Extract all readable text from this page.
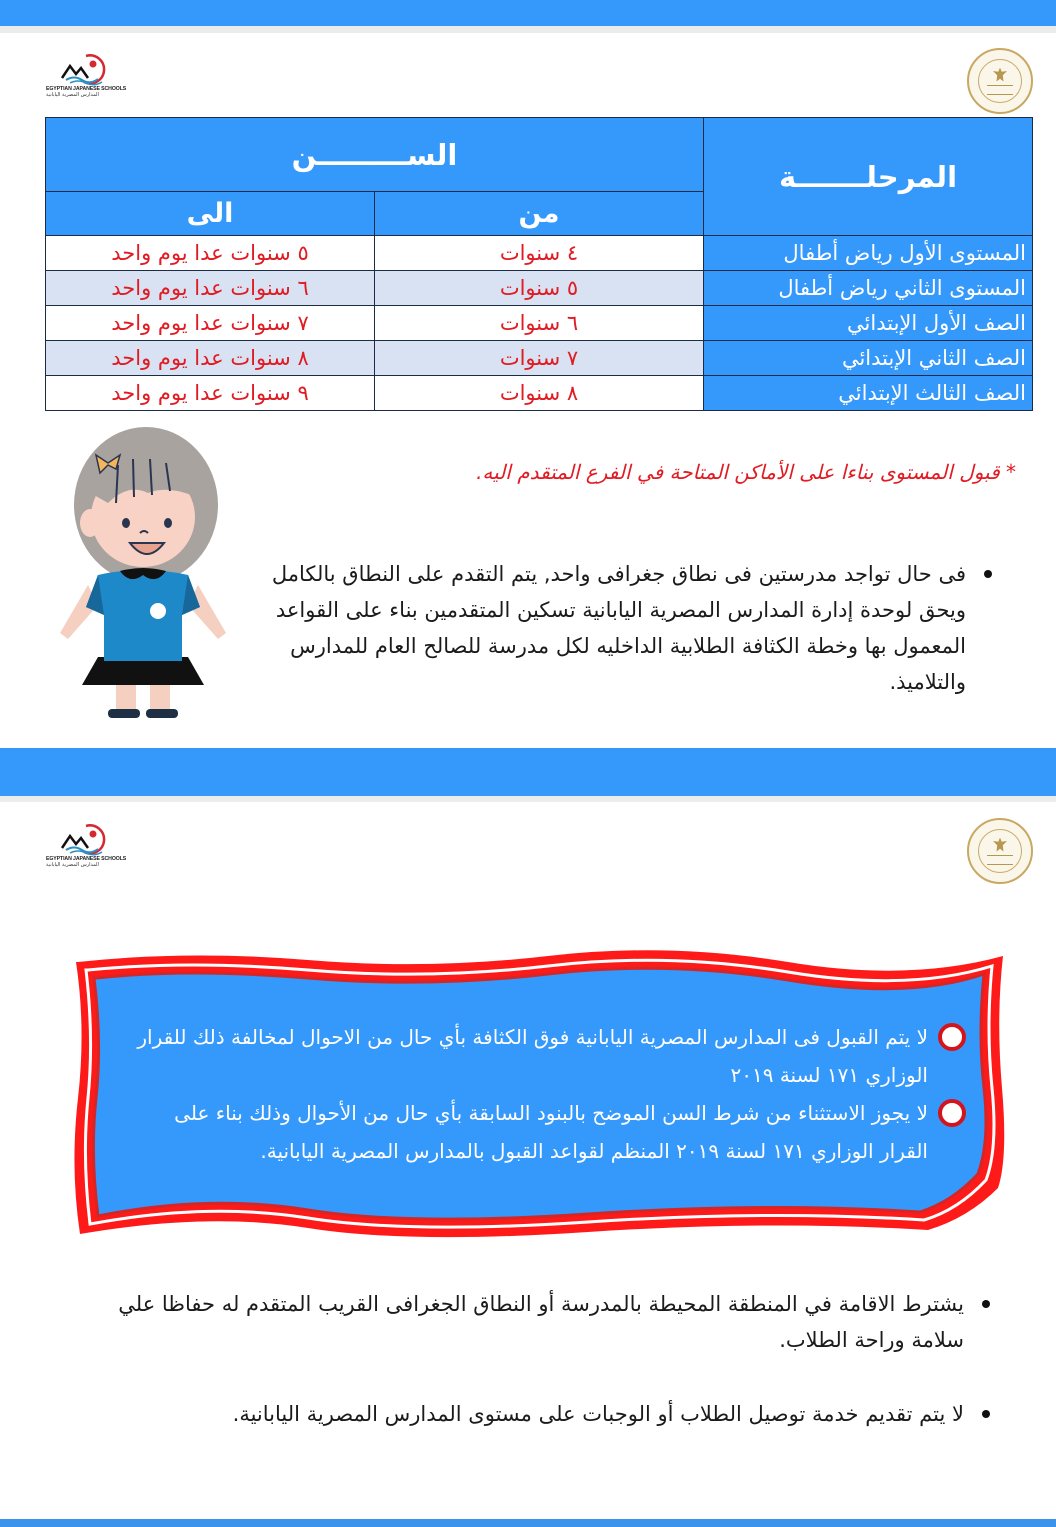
EGYPTIAN JAPANESE SCHOOLS
المدارس المصرية اليابانية
المرحلـــــــة	الســـــــــن	
	من	الى
المستوى الأول رياض أطفال	٤ سنوات	٥ سنوات عدا يوم واحد
المستوى الثاني رياض أطفال	٥ سنوات	٦ سنوات عدا يوم واحد
الصف الأول الإبتدائي	٦ سنوات	٧ سنوات عدا يوم واحد
الصف الثاني الإبتدائي	٧ سنوات	٨ سنوات عدا يوم واحد
الصف الثالث الإبتدائي	٨ سنوات	٩ سنوات عدا يوم واحد
* قبول المستوى بناءا على الأماكن المتاحة في الفرع المتقدم اليه.
فى حال تواجد مدرستين فى نطاق جغرافى واحد, يتم التقدم على النطاق بالكامل ويحق لوحدة إدارة المدارس المصرية اليابانية تسكين المتقدمين بناء على القواعد المعمول بها وخطة الكثافة الطلابية الداخليه لكل مدرسة للصالح العام للمدارس والتلاميذ.
EGYPTIAN JAPANESE SCHOOLS
المدارس المصرية اليابانية
لا يتم القبول فى المدارس المصرية اليابانية فوق الكثافة بأي حال من الاحوال لمخالفة ذلك للقرار الوزاري ١٧١ لسنة ٢٠١٩
لا يجوز الاستثناء من شرط السن الموضح بالبنود السابقة بأي حال من الأحوال وذلك بناء على القرار الوزاري ١٧١ لسنة ٢٠١٩ المنظم لقواعد القبول بالمدارس المصرية اليابانية.
يشترط الاقامة في المنطقة المحيطة بالمدرسة أو النطاق الجغرافى القريب المتقدم له حفاظا علي سلامة وراحة الطلاب.
لا يتم تقديم خدمة توصيل الطلاب أو الوجبات على مستوى المدارس المصرية اليابانية.
